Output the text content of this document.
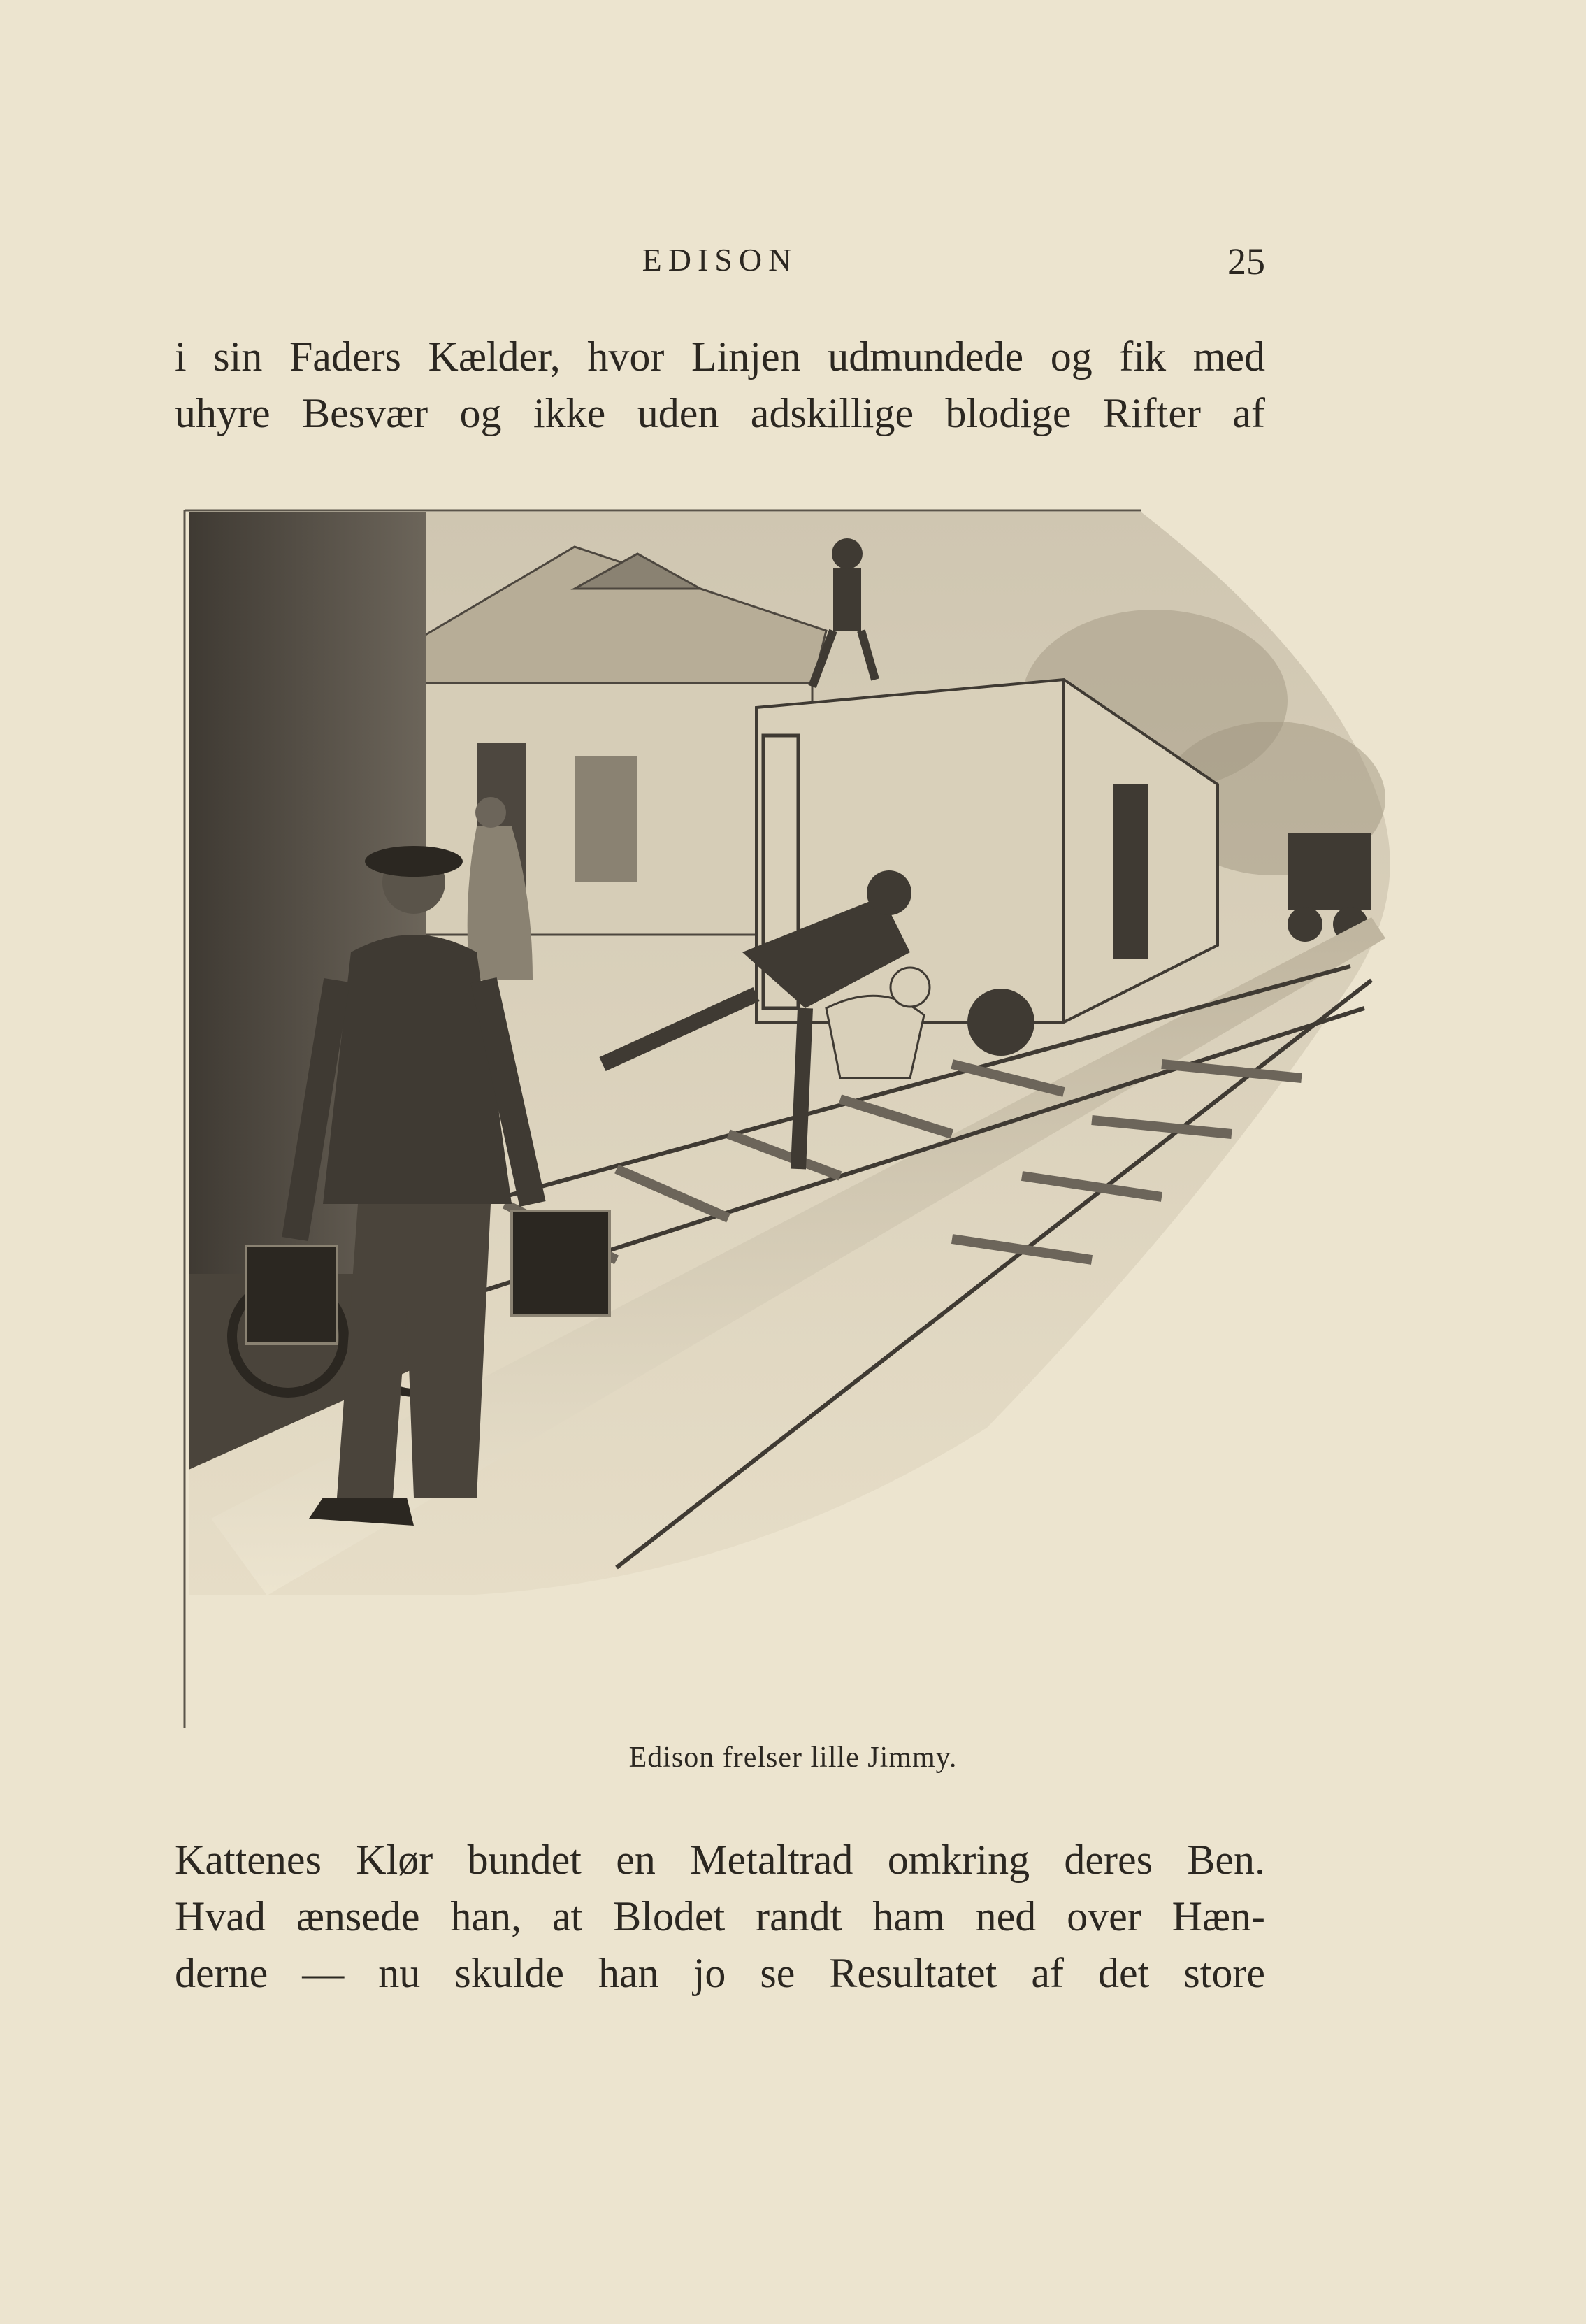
EDISON	25
i sin Faders Kælder, hvor Linjen udmundede og fik med
uhyre Besvær og ikke uden adskillige blodige Rifter af
Edison frelser lille Jimmy.
Kattenes Klør bundet en Metaltrad omkring deres Ben.
Hvad ænsede han, at Blodet randt ham ned over Hæn-
derne — nu skulde han jo se Resultatet af det store
